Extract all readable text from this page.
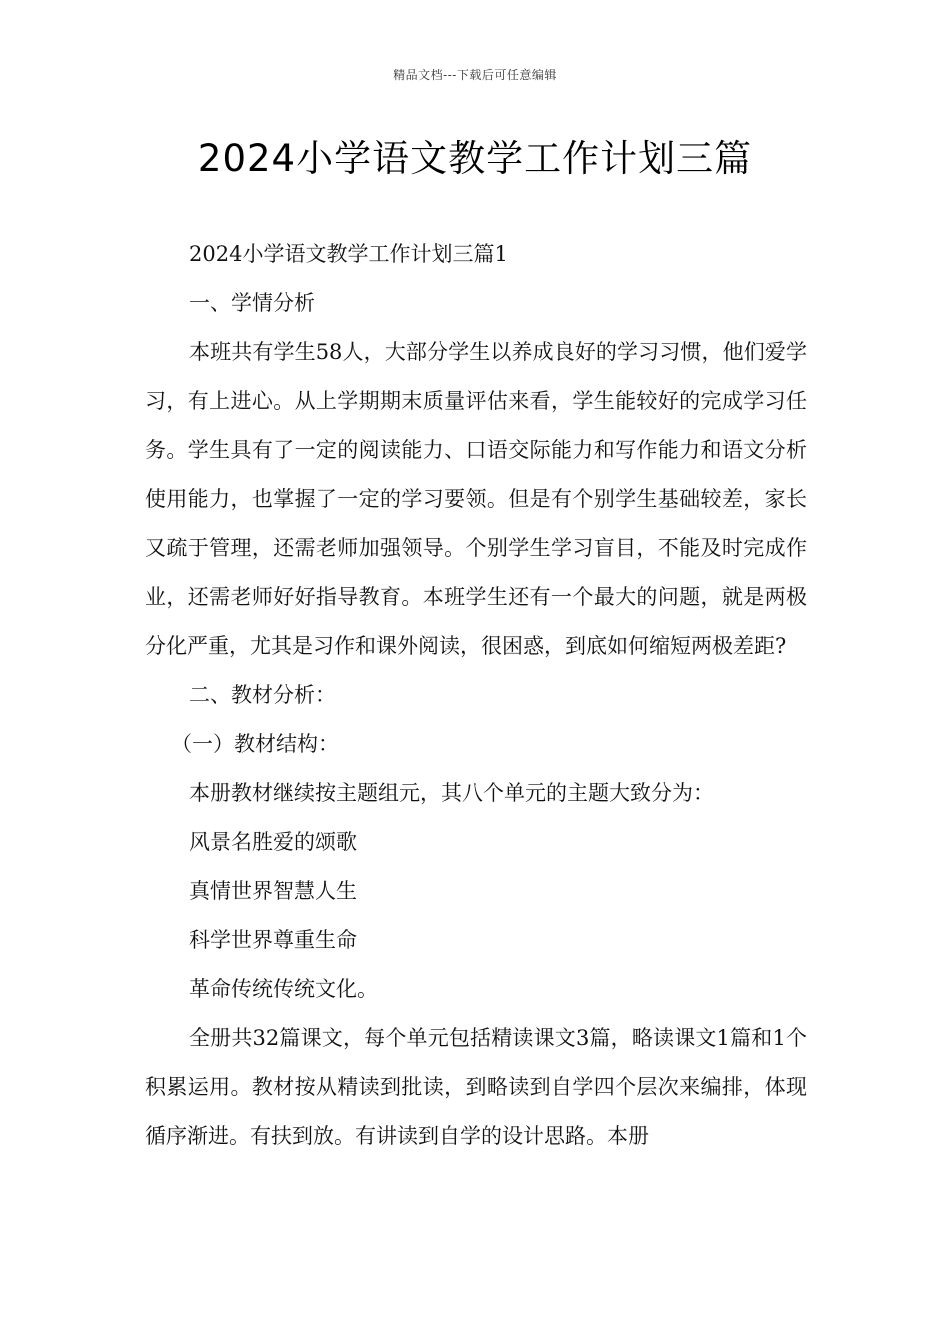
精品文档---下载后可任意编辑
2024小学语文教学工作计划三篇

2024小学语文教学工作计划三篇1

一、学情分析

本班共有学生58人，大部分学生以养成良好的学习习惯，他们爱学习，有上进心。从上学期期末质量评估来看，学生能较好的完成学习任务。学生具有了一定的阅读能力、口语交际能力和写作能力和语文分析使用能力，也掌握了一定的学习要领。但是有个别学生基础较差，家长又疏于管理，还需老师加强领导。个别学生学习盲目，不能及时完成作业，还需老师好好指导教育。本班学生还有一个最大的问题，就是两极分化严重，尤其是习作和课外阅读，很困惑，到底如何缩短两极差距?

二、教材分析：

（一）教材结构：

本册教材继续按主题组元，其八个单元的主题大致分为：

风景名胜爱的颂歌

真情世界智慧人生

科学世界尊重生命

革命传统传统文化。

全册共32篇课文，每个单元包括精读课文3篇，略读课文1篇和1个积累运用。教材按从精读到批读，到略读到自学四个层次来编排，体现循序渐进。有扶到放。有讲读到自学的设计思路。本册
